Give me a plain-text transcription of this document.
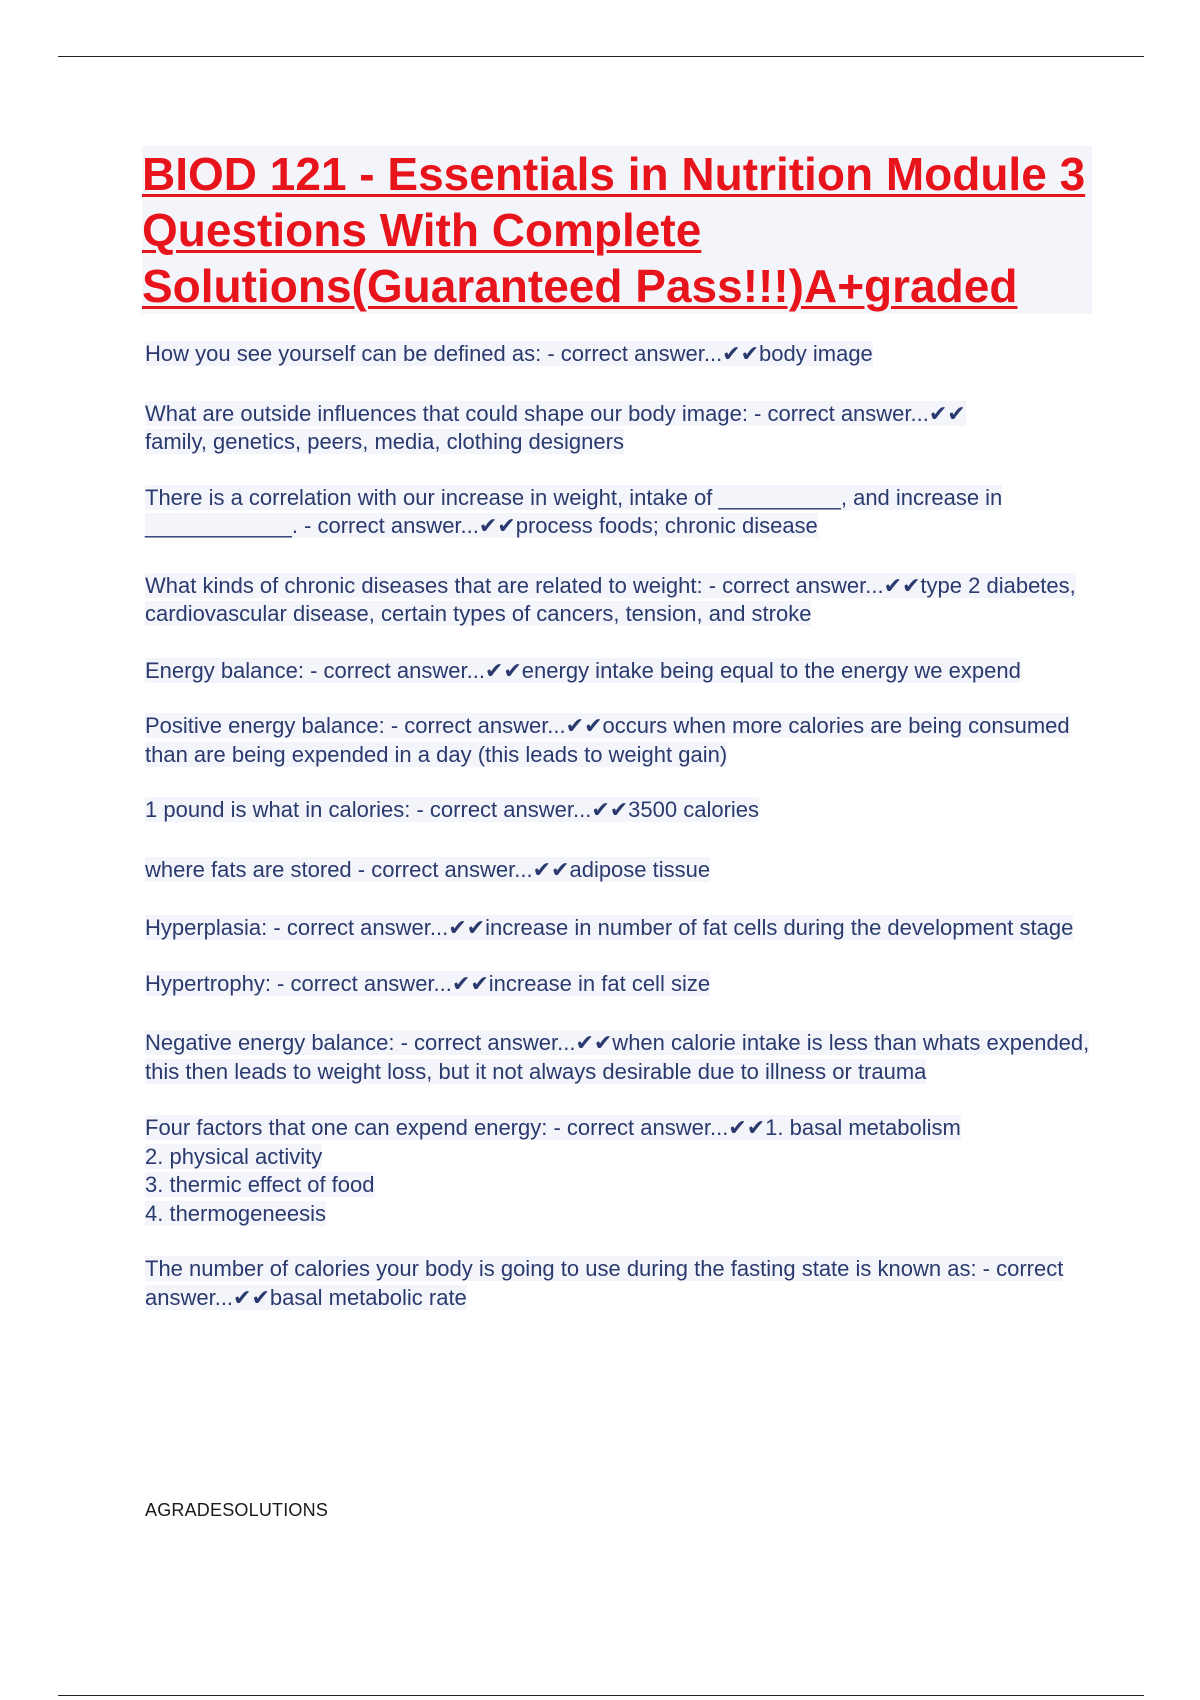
BIOD 121 - Essentials in Nutrition Module 3 Questions With Complete Solutions(Guaranteed Pass!!!)A+graded

How you see yourself can be defined as: - correct answer...✔✔body image

What are outside influences that could shape our body image: - correct answer...✔✔
family, genetics, peers, media, clothing designers

There is a correlation with our increase in weight, intake of __________, and increase in ____________. - correct answer...✔✔process foods; chronic disease

What kinds of chronic diseases that are related to weight: - correct answer...✔✔type 2 diabetes, cardiovascular disease, certain types of cancers, tension, and stroke

Energy balance: - correct answer...✔✔energy intake being equal to the energy we expend

Positive energy balance: - correct answer...✔✔occurs when more calories are being consumed than are being expended in a day (this leads to weight gain)

1 pound is what in calories: - correct answer...✔✔3500 calories

where fats are stored - correct answer...✔✔adipose tissue

Hyperplasia: - correct answer...✔✔increase in number of fat cells during the development stage

Hypertrophy: - correct answer...✔✔increase in fat cell size

Negative energy balance: - correct answer...✔✔when calorie intake is less than whats expended, this then leads to weight loss, but it not always desirable due to illness or trauma

Four factors that one can expend energy: - correct answer...✔✔1. basal metabolism
2. physical activity
3. thermic effect of food
4. thermogeneesis

The number of calories your body is going to use during the fasting state is known as: - correct answer...✔✔basal metabolic rate

AGRADESOLUTIONS
